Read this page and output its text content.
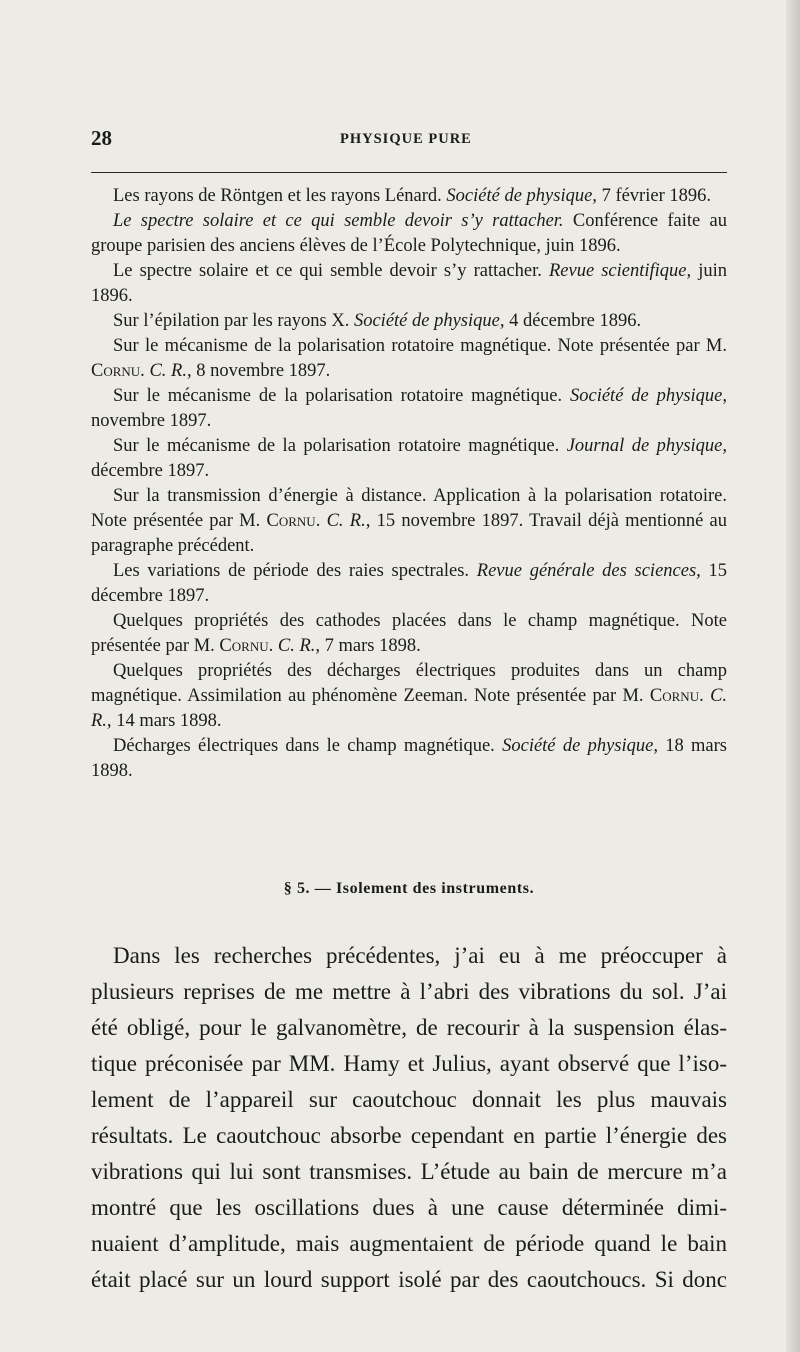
28	PHYSIQUE PURE

Les rayons de Röntgen et les rayons Lénard. Société de physique, 7 février 1896.

Le spectre solaire et ce qui semble devoir s’y rattacher. Conférence faite au groupe parisien des anciens élèves de l’École Polytechnique, juin 1896.

Le spectre solaire et ce qui semble devoir s’y rattacher. Revue scientifique, juin 1896.

Sur l’épilation par les rayons X. Société de physique, 4 décembre 1896.

Sur le mécanisme de la polarisation rotatoire magnétique. Note présentée par M. Cornu. C. R., 8 novembre 1897.

Sur le mécanisme de la polarisation rotatoire magnétique. Société de physique, novembre 1897.

Sur le mécanisme de la polarisation rotatoire magnétique. Journal de physique, décembre 1897.

Sur la transmission d’énergie à distance. Application à la polarisation rotatoire. Note présentée par M. Cornu. C. R., 15 novembre 1897. Travail déjà mentionné au paragraphe précédent.

Les variations de période des raies spectrales. Revue générale des sciences, 15 décembre 1897.

Quelques propriétés des cathodes placées dans le champ magnétique. Note présentée par M. Cornu. C. R., 7 mars 1898.

Quelques propriétés des décharges électriques produites dans un champ magnétique. Assimilation au phénomène Zeeman. Note présentée par M. Cornu. C. R., 14 mars 1898.

Décharges électriques dans le champ magnétique. Société de physique, 18 mars 1898.

§ 5. — Isolement des instruments.
Dans les recherches précédentes, j’ai eu à me préoccuper à
plusieurs reprises de me mettre à l’abri des vibrations du sol. J’ai
été obligé, pour le galvanomètre, de recourir à la suspension élas-
tique préconisée par MM. Hamy et Julius, ayant observé que l’iso-
lement de l’appareil sur caoutchouc donnait les plus mauvais
résultats. Le caoutchouc absorbe cependant en partie l’énergie des
vibrations qui lui sont transmises. L’étude au bain de mercure m’a
montré que les oscillations dues à une cause déterminée dimi-
nuaient d’amplitude, mais augmentaient de période quand le bain
était placé sur un lourd support isolé par des caoutchoucs. Si donc
